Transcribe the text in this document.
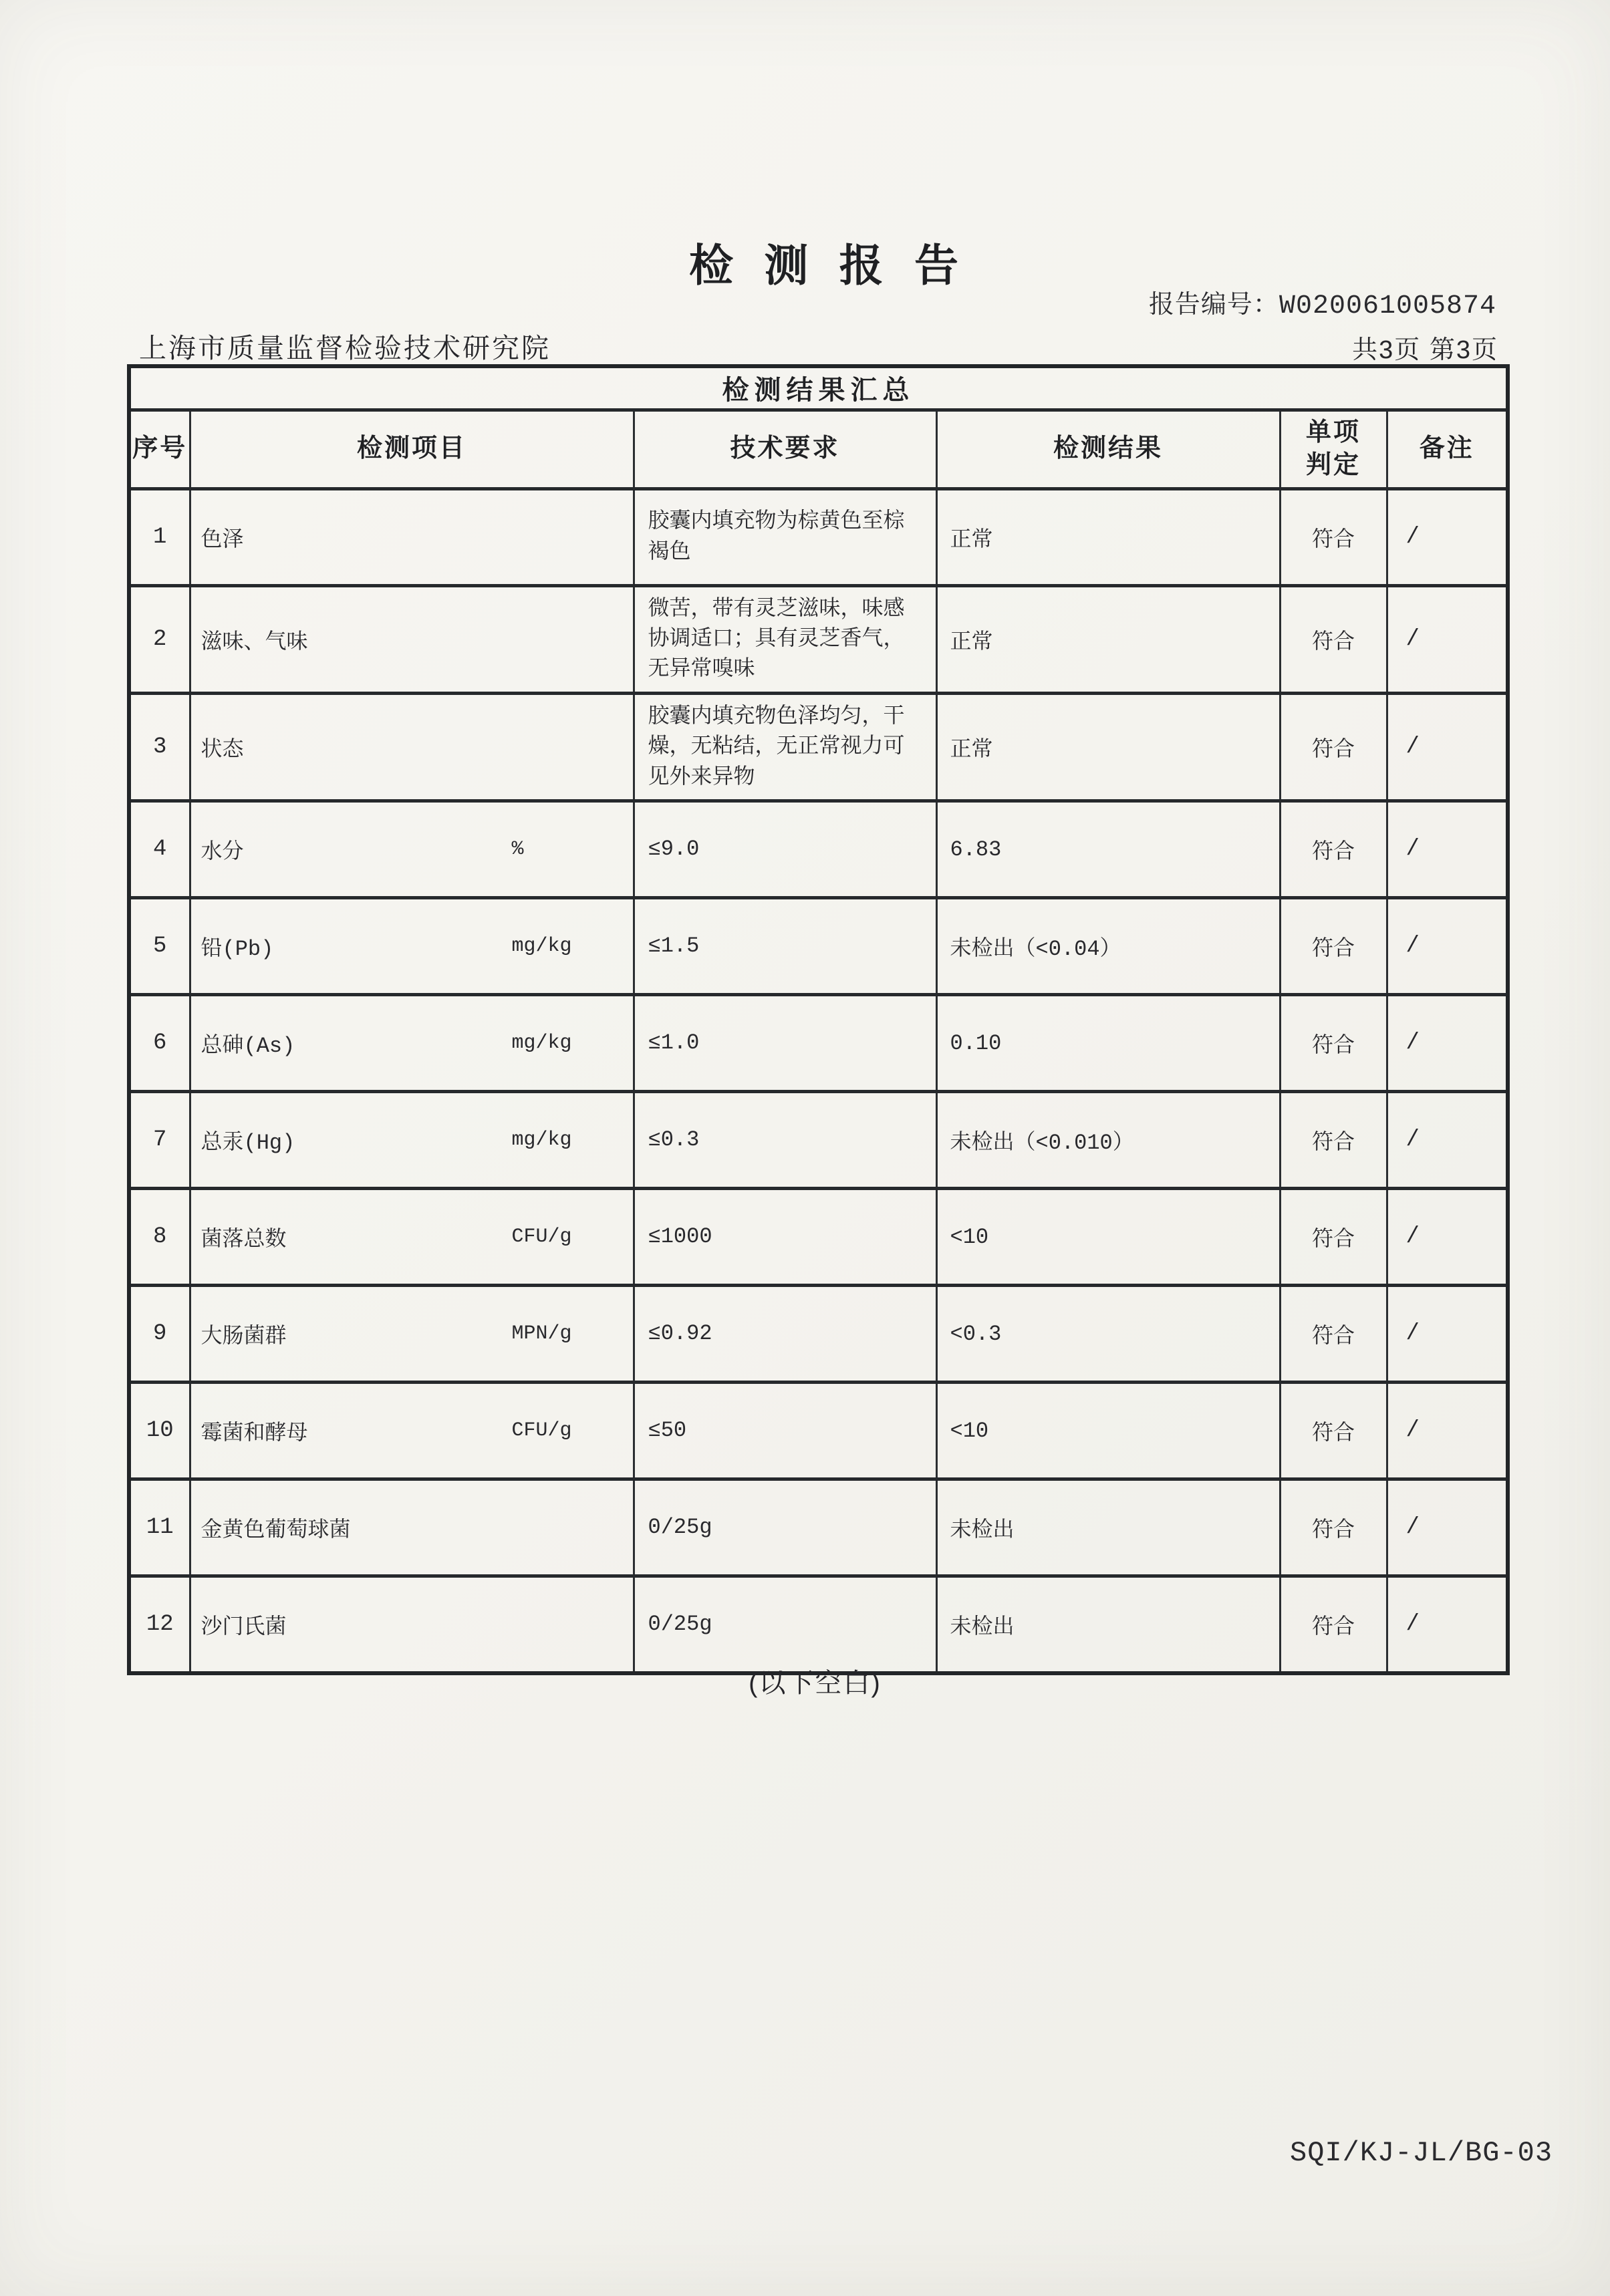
检 测 报 告
报告编号：W020061005874
上海市质量监督检验技术研究院	共3页 第3页
检测结果汇总					
序号	检测项目	技术要求	检测结果	单项判定	备注
1	色泽	胶囊内填充物为棕黄色至棕褐色	正常	符合	/
2	滋味、气味	微苦，带有灵芝滋味，味感协调适口；具有灵芝香气，无异常嗅味	正常	符合	/
3	状态	胶囊内填充物色泽均匀，干燥，无粘结，无正常视力可见外来异物	正常	符合	/
4	水分 %	≤9.0	6.83	符合	/
5	铅(Pb) mg/kg	≤1.5	未检出（<0.04）	符合	/
6	总砷(As) mg/kg	≤1.0	0.10	符合	/
7	总汞(Hg) mg/kg	≤0.3	未检出（<0.010）	符合	/
8	菌落总数 CFU/g	≤1000	<10	符合	/
9	大肠菌群 MPN/g	≤0.92	<0.3	符合	/
10	霉菌和酵母 CFU/g	≤50	<10	符合	/
11	金黄色葡萄球菌	0/25g	未检出	符合	/
12	沙门氏菌	0/25g	未检出	符合	/
(以下空白)
SQI/KJ-JL/BG-03
